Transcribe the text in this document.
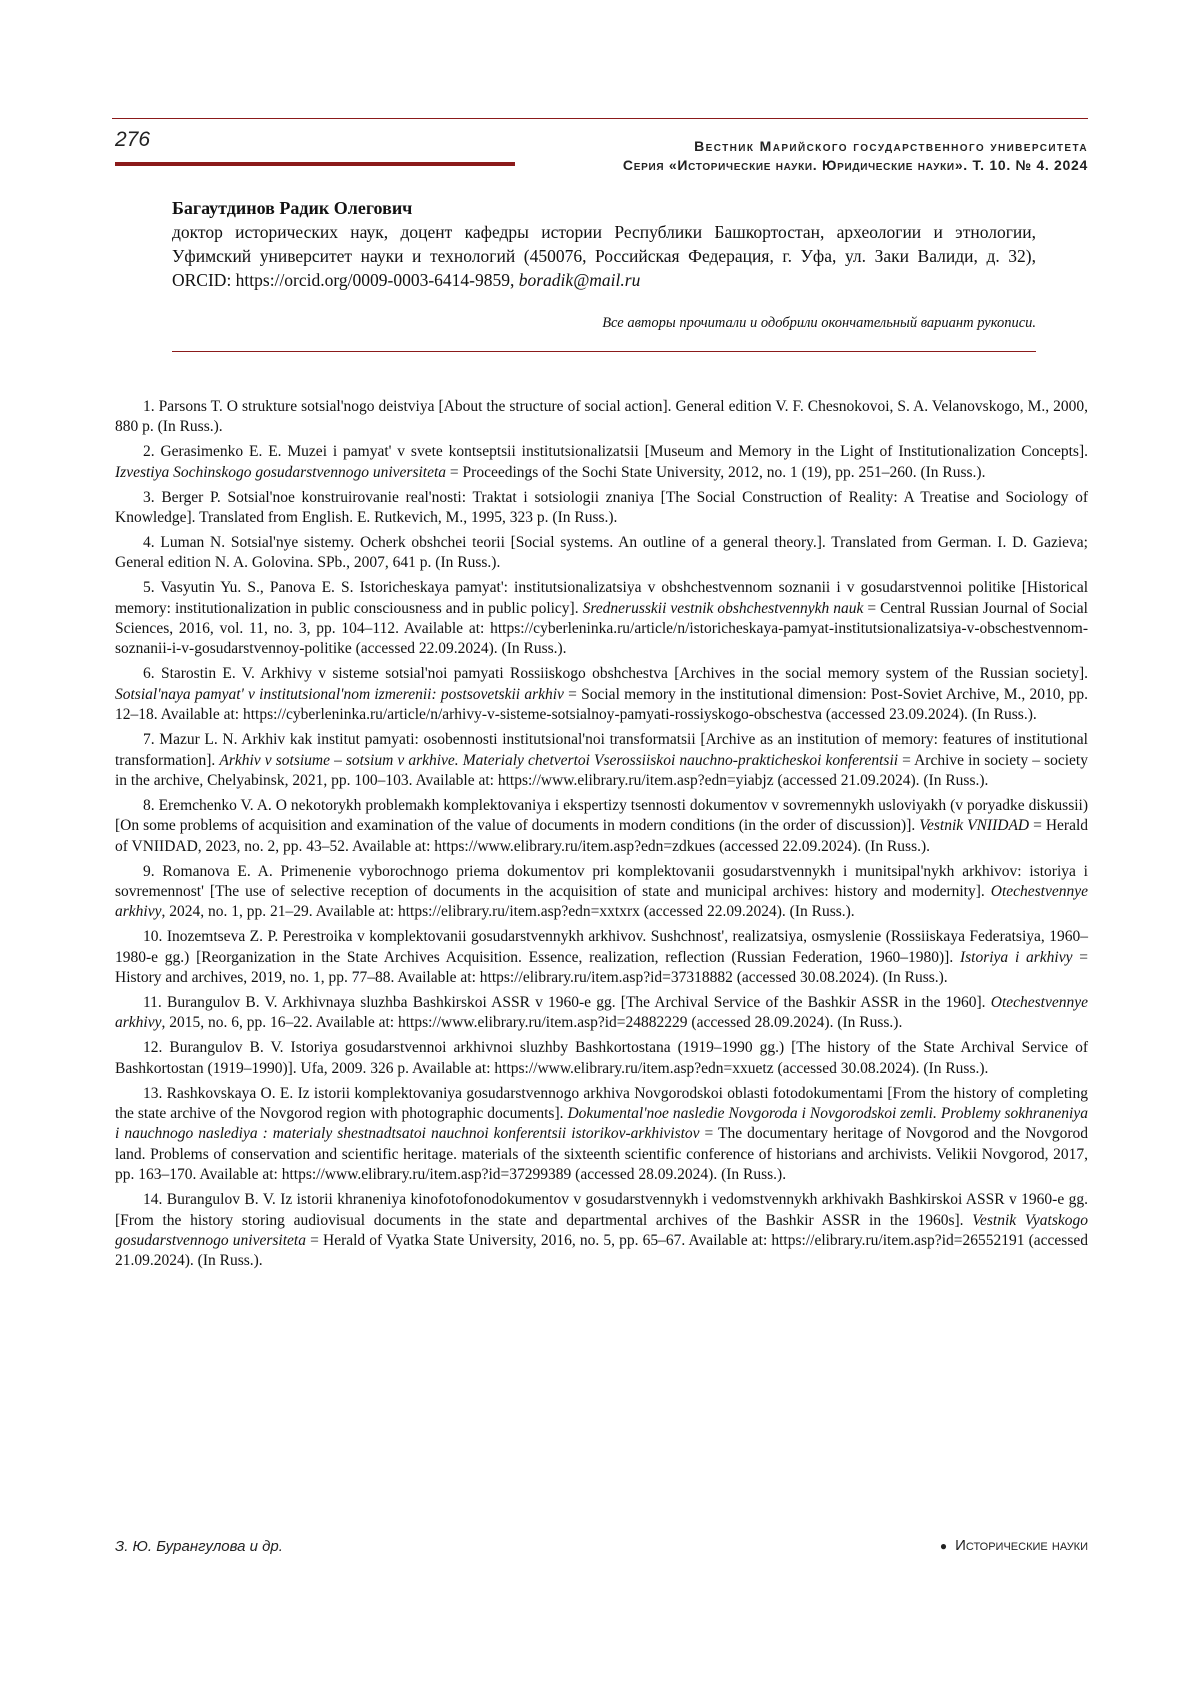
276	Вестник Марийского государственного университета
Серия «Исторические науки. Юридические науки». Т. 10. № 4. 2024
Багаутдинов Радик Олегович
доктор исторических наук, доцент кафедры истории Республики Башкортостан, археологии и этнологии, Уфимский университет науки и технологий (450076, Российская Федерация, г. Уфа, ул. Заки Валиди, д. 32), ORCID: https://orcid.org/0009-0003-6414-9859, boradik@mail.ru
Все авторы прочитали и одобрили окончательный вариант рукописи.
1. Parsons T. O strukture sotsial'nogo deistviya [About the structure of social action]. General edition V. F. Chesnokovoi, S. A. Velanovskogo, M., 2000, 880 p. (In Russ.).
2. Gerasimenko E. E. Muzei i pamyat' v svete kontseptsii institutsionalizatsii [Museum and Memory in the Light of Institutionalization Concepts]. Izvestiya Sochinskogo gosudarstvennogo universiteta = Proceedings of the Sochi State University, 2012, no. 1 (19), pp. 251–260. (In Russ.).
3. Berger P. Sotsial'noe konstruirovanie real'nosti: Traktat i sotsiologii znaniya [The Social Construction of Reality: A Treatise and Sociology of Knowledge]. Translated from English. E. Rutkevich, M., 1995, 323 p. (In Russ.).
4. Luman N. Sotsial'nye sistemy. Ocherk obshchei teorii [Social systems. An outline of a general theory.]. Translated from German. I. D. Gazieva; General edition N. A. Golovina. SPb., 2007, 641 p. (In Russ.).
5. Vasyutin Yu. S., Panova E. S. Istoricheskaya pamyat': institutsionalizatsiya v obshchestvennom soznanii i v gosudarstvennoi politike [Historical memory: institutionalization in public consciousness and in public policy]. Srednerusskii vestnik obshchestvennykh nauk = Central Russian Journal of Social Sciences, 2016, vol. 11, no. 3, pp. 104–112. Available at: https://cyberleninka.ru/article/n/istoricheskaya-pamyat-institutsionalizatsiya-v-obschestvennom-soznanii-i-v-gosudarstvennoy-politike (accessed 22.09.2024). (In Russ.).
6. Starostin E. V. Arkhivy v sisteme sotsial'noi pamyati Rossiiskogo obshchestva [Archives in the social memory system of the Russian society]. Sotsial'naya pamyat' v institutsional'nom izmerenii: postsovetskii arkhiv = Social memory in the institutional dimension: Post-Soviet Archive, M., 2010, pp. 12–18. Available at: https://cyberleninka.ru/article/n/arhivy-v-sisteme-sotsialnoy-pamyati-rossiyskogo-obschestva (accessed 23.09.2024). (In Russ.).
7. Mazur L. N. Arkhiv kak institut pamyati: osobennosti institutsional'noi transformatsii [Archive as an institution of memory: features of institutional transformation]. Arkhiv v sotsiume – sotsium v arkhive. Materialy chetvertoi Vserossiiskoi nauchno-prakticheskoi konferentsii = Archive in society – society in the archive, Chelyabinsk, 2021, pp. 100–103. Available at: https://www.elibrary.ru/item.asp?edn=yiabjz (accessed 21.09.2024). (In Russ.).
8. Eremchenko V. A. O nekotorykh problemakh komplektovaniya i ekspertizy tsennosti dokumentov v sovremennykh usloviyakh (v poryadke diskussii) [On some problems of acquisition and examination of the value of documents in modern conditions (in the order of discussion)]. Vestnik VNIIDAD = Herald of VNIIDAD, 2023, no. 2, pp. 43–52. Available at: https://www.elibrary.ru/item.asp?edn=zdkues (accessed 22.09.2024). (In Russ.).
9. Romanova E. A. Primenenie vyborochnogo priema dokumentov pri komplektovanii gosudarstvennykh i munitsipal'nykh arkhivov: istoriya i sovremennost' [The use of selective reception of documents in the acquisition of state and municipal archives: history and modernity]. Otechestvennye arkhivy, 2024, no. 1, pp. 21–29. Available at: https://elibrary.ru/item.asp?edn=xxtxrx (accessed 22.09.2024). (In Russ.).
10. Inozemtseva Z. P. Perestroika v komplektovanii gosudarstvennykh arkhivov. Sushchnost', realizatsiya, osmyslenie (Rossiiskaya Federatsiya, 1960–1980-e gg.) [Reorganization in the State Archives Acquisition. Essence, realization, reflection (Russian Federation, 1960–1980)]. Istoriya i arkhivy = History and archives, 2019, no. 1, pp. 77–88. Available at: https://elibrary.ru/item.asp?id=37318882 (accessed 30.08.2024). (In Russ.).
11. Burangulov B. V. Arkhivnaya sluzhba Bashkirskoi ASSR v 1960-e gg. [The Archival Service of the Bashkir ASSR in the 1960]. Otechestvennye arkhivy, 2015, no. 6, pp. 16–22. Available at: https://www.elibrary.ru/item.asp?id=24882229 (accessed 28.09.2024). (In Russ.).
12. Burangulov B. V. Istoriya gosudarstvennoi arkhivnoi sluzhby Bashkortostana (1919–1990 gg.) [The history of the State Archival Service of Bashkortostan (1919–1990)]. Ufa, 2009. 326 p. Available at: https://www.elibrary.ru/item.asp?edn=xxuetz (accessed 30.08.2024). (In Russ.).
13. Rashkovskaya O. E. Iz istorii komplektovaniya gosudarstvennogo arkhiva Novgorodskoi oblasti fotodokumentami [From the history of completing the state archive of the Novgorod region with photographic documents]. Dokumental'noe nasledie Novgoroda i Novgorodskoi zemli. Problemy sokhraneniya i nauchnogo naslediya : materialy shestnadtsatoi nauchnoi konferentsii istorikov-arkhivistov = The documentary heritage of Novgorod and the Novgorod land. Problems of conservation and scientific heritage. materials of the sixteenth scientific conference of historians and archivists. Velikii Novgorod, 2017, pp. 163–170. Available at: https://www.elibrary.ru/item.asp?id=37299389 (accessed 28.09.2024). (In Russ.).
14. Burangulov B. V. Iz istorii khraneniya kinofotofonodokumentov v gosudarstvennykh i vedomstvennykh arkhivakh Bashkirskoi ASSR v 1960-e gg. [From the history storing audiovisual documents in the state and departmental archives of the Bashkir ASSR in the 1960s]. Vestnik Vyatskogo gosudarstvennogo universiteta = Herald of Vyatka State University, 2016, no. 5, pp. 65–67. Available at: https://elibrary.ru/item.asp?id=26552191 (accessed 21.09.2024). (In Russ.).
З. Ю. Бурангулова и др.	● Исторические науки
